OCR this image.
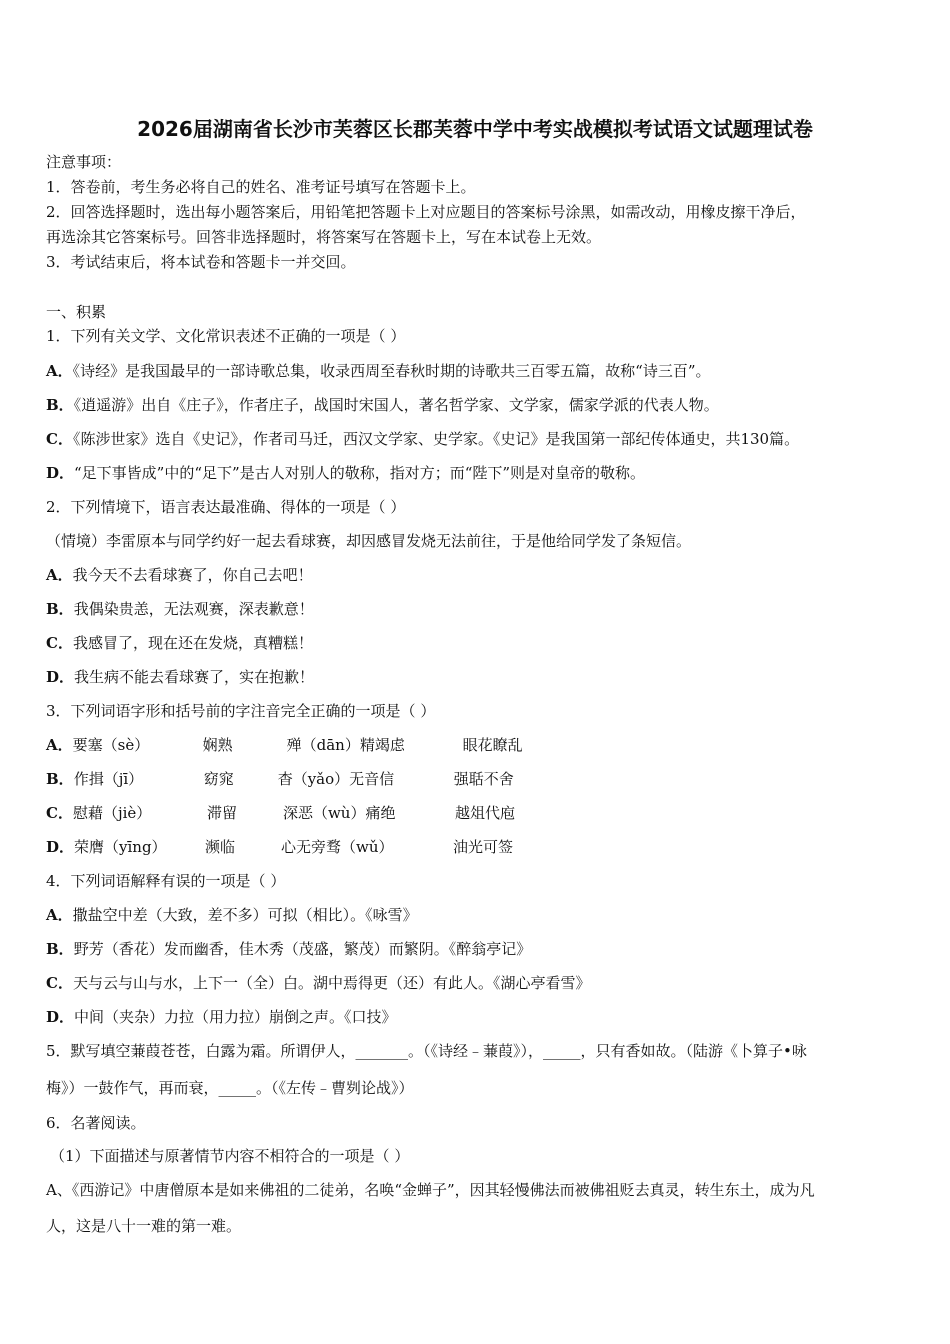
2026届湖南省长沙市芙蓉区长郡芙蓉中学中考实战模拟考试语文试题理试卷
注意事项：
1．答卷前，考生务必将自己的姓名、准考证号填写在答题卡上。
2．回答选择题时，选出每小题答案后，用铅笔把答题卡上对应题目的答案标号涂黑，如需改动，用橡皮擦干净后，
再选涂其它答案标号。回答非选择题时，将答案写在答题卡上，写在本试卷上无效。
3．考试结束后，将本试卷和答题卡一并交回。
一、积累
1．下列有关文学、文化常识表述不正确的一项是（ ）
A．《诗经》是我国最早的一部诗歌总集，收录西周至春秋时期的诗歌共三百零五篇，故称“诗三百”。
B．《逍遥游》出自《庄子》，作者庄子，战国时宋国人，著名哲学家、文学家，儒家学派的代表人物。
C．《陈涉世家》选自《史记》，作者司马迁，西汉文学家、史学家。《史记》是我国第一部纪传体通史，共130篇。
D．“足下事皆成”中的“足下”是古人对别人的敬称，指对方；而“陛下”则是对皇帝的敬称。
2．下列情境下，语言表达最准确、得体的一项是（ ）
（情境）李雷原本与同学约好一起去看球赛，却因感冒发烧无法前往，于是他给同学发了条短信。
A．我今天不去看球赛了，你自己去吧！
B．我偶染贵恙，无法观赛，深表歉意！
C．我感冒了，现在还在发烧，真糟糕！
D．我生病不能去看球赛了，实在抱歉！
3．下列词语字形和括号前的字注音完全正确的一项是（ ）
A．要塞（sè）	娴熟	殚（dān）精竭虑	眼花瞭乱
B．作揖（jī）	窈窕	杳（yǎo）无音信	强聒不舍
C．慰藉（jiè）	滞留	深恶（wù）痛绝	越俎代庖
D．荣膺（yīng）	濒临	心无旁骛（wǔ）	油光可签
4．下列词语解释有误的一项是（ ）
A．撒盐空中差（大致，差不多）可拟（相比）。《咏雪》
B．野芳（香花）发而幽香，佳木秀（茂盛，繁茂）而繁阴。《醉翁亭记》
C．天与云与山与水，上下一（全）白。湖中焉得更（还）有此人。《湖心亭看雪》
D．中间（夹杂）力拉（用力拉）崩倒之声。《口技》
5．默写填空蒹葭苍苍，白露为霜。所谓伊人，_______。（《诗经﹣蒹葭》），_____，只有香如故。（陆游《卜算子•咏
梅》）一鼓作气，再而衰，_____。（《左传﹣曹刿论战》）
6．名著阅读。
（1）下面描述与原著情节内容不相符合的一项是（ ）
A、《西游记》中唐僧原本是如来佛祖的二徒弟，名唤“金蝉子”，因其轻慢佛法而被佛祖贬去真灵，转生东土，成为凡
人，这是八十一难的第一难。
